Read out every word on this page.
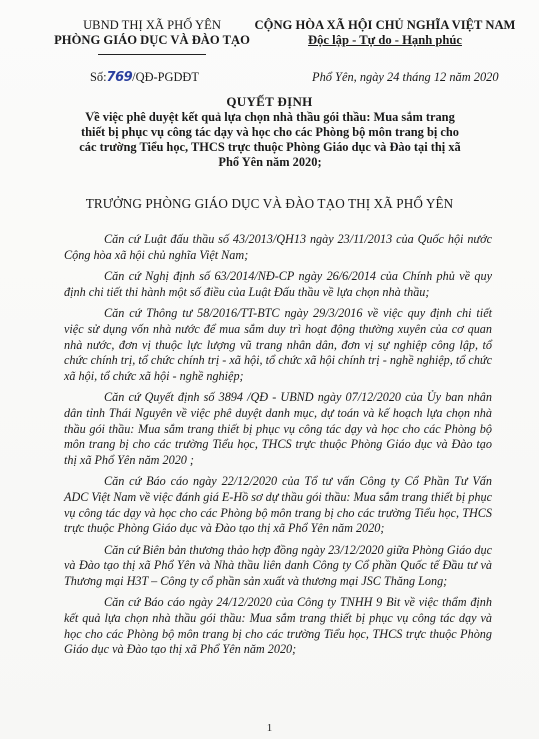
UBND THỊ XÃ PHỐ YÊN
PHÒNG GIÁO DỤC VÀ ĐÀO TẠO
CỘNG HÒA XÃ HỘI CHỦ NGHĨA VIỆT NAM
Độc lập - Tự do - Hạnh phúc
Số:769/QĐ-PGDĐT	Phổ Yên, ngày 24 tháng 12 năm 2020
QUYẾT ĐỊNH
Về việc phê duyệt kết quả lựa chọn nhà thầu gói thầu: Mua sắm trang thiết bị phục vụ công tác dạy và học cho các Phòng bộ môn trang bị cho các trường Tiểu học, THCS trực thuộc Phòng Giáo dục và Đào tại thị xã Phổ Yên năm 2020;
TRƯỞNG PHÒNG GIÁO DỤC VÀ ĐÀO TẠO THỊ XÃ PHỔ YÊN

Căn cứ Luật đấu thầu số 43/2013/QH13 ngày 23/11/2013 của Quốc hội nước Cộng hòa xã hội chủ nghĩa Việt Nam;

Căn cứ Nghị định số 63/2014/NĐ-CP ngày 26/6/2014 của Chính phủ về quy định chi tiết thi hành một số điều của Luật Đấu thầu về lựa chọn nhà thầu;

Căn cứ Thông tư 58/2016/TT-BTC ngày 29/3/2016 về việc quy định chi tiết việc sử dụng vốn nhà nước để mua sắm duy trì hoạt động thường xuyên của cơ quan nhà nước, đơn vị thuộc lực lượng vũ trang nhân dân, đơn vị sự nghiệp công lập, tổ chức chính trị, tổ chức chính trị - xã hội, tổ chức xã hội chính trị - nghề nghiệp, tổ chức xã hội, tổ chức xã hội - nghề nghiệp;

Căn cứ Quyết định số 3894 /QĐ - UBND ngày 07/12/2020 của Ủy ban nhân dân tỉnh Thái Nguyên về việc phê duyệt danh mục, dự toán và kế hoạch lựa chọn nhà thầu gói thầu: Mua sắm trang thiết bị phục vụ công tác dạy và học cho các Phòng bộ môn trang bị cho các trường Tiểu học, THCS trực thuộc Phòng Giáo dục và Đào tạo thị xã Phổ Yên năm 2020 ;

Căn cứ Báo cáo ngày 22/12/2020 của Tổ tư vấn Công ty Cổ Phần Tư Vấn ADC Việt Nam về việc đánh giá E-Hồ sơ dự thầu gói thầu: Mua sắm trang thiết bị phục vụ công tác dạy và học cho các Phòng bộ môn trang bị cho các trường Tiểu học, THCS trực thuộc Phòng Giáo dục và Đào tạo thị xã Phổ Yên năm 2020;

Căn cứ Biên bản thương thảo hợp đồng ngày 23/12/2020 giữa Phòng Giáo dục và Đào tạo thị xã Phổ Yên và Nhà thầu liên danh Công ty Cổ phần Quốc tế Đầu tư và Thương mại H3T – Công ty cổ phần sản xuất và thương mại JSC Thăng Long;

Căn cứ Báo cáo ngày 24/12/2020 của Công ty TNHH 9 Bit về việc thẩm định kết quả lựa chọn nhà thầu gói thầu: Mua sắm trang thiết bị phục vụ công tác dạy và học cho các Phòng bộ môn trang bị cho các trường Tiểu học, THCS trực thuộc Phòng Giáo dục và Đào tạo thị xã Phổ Yên năm 2020;

1
